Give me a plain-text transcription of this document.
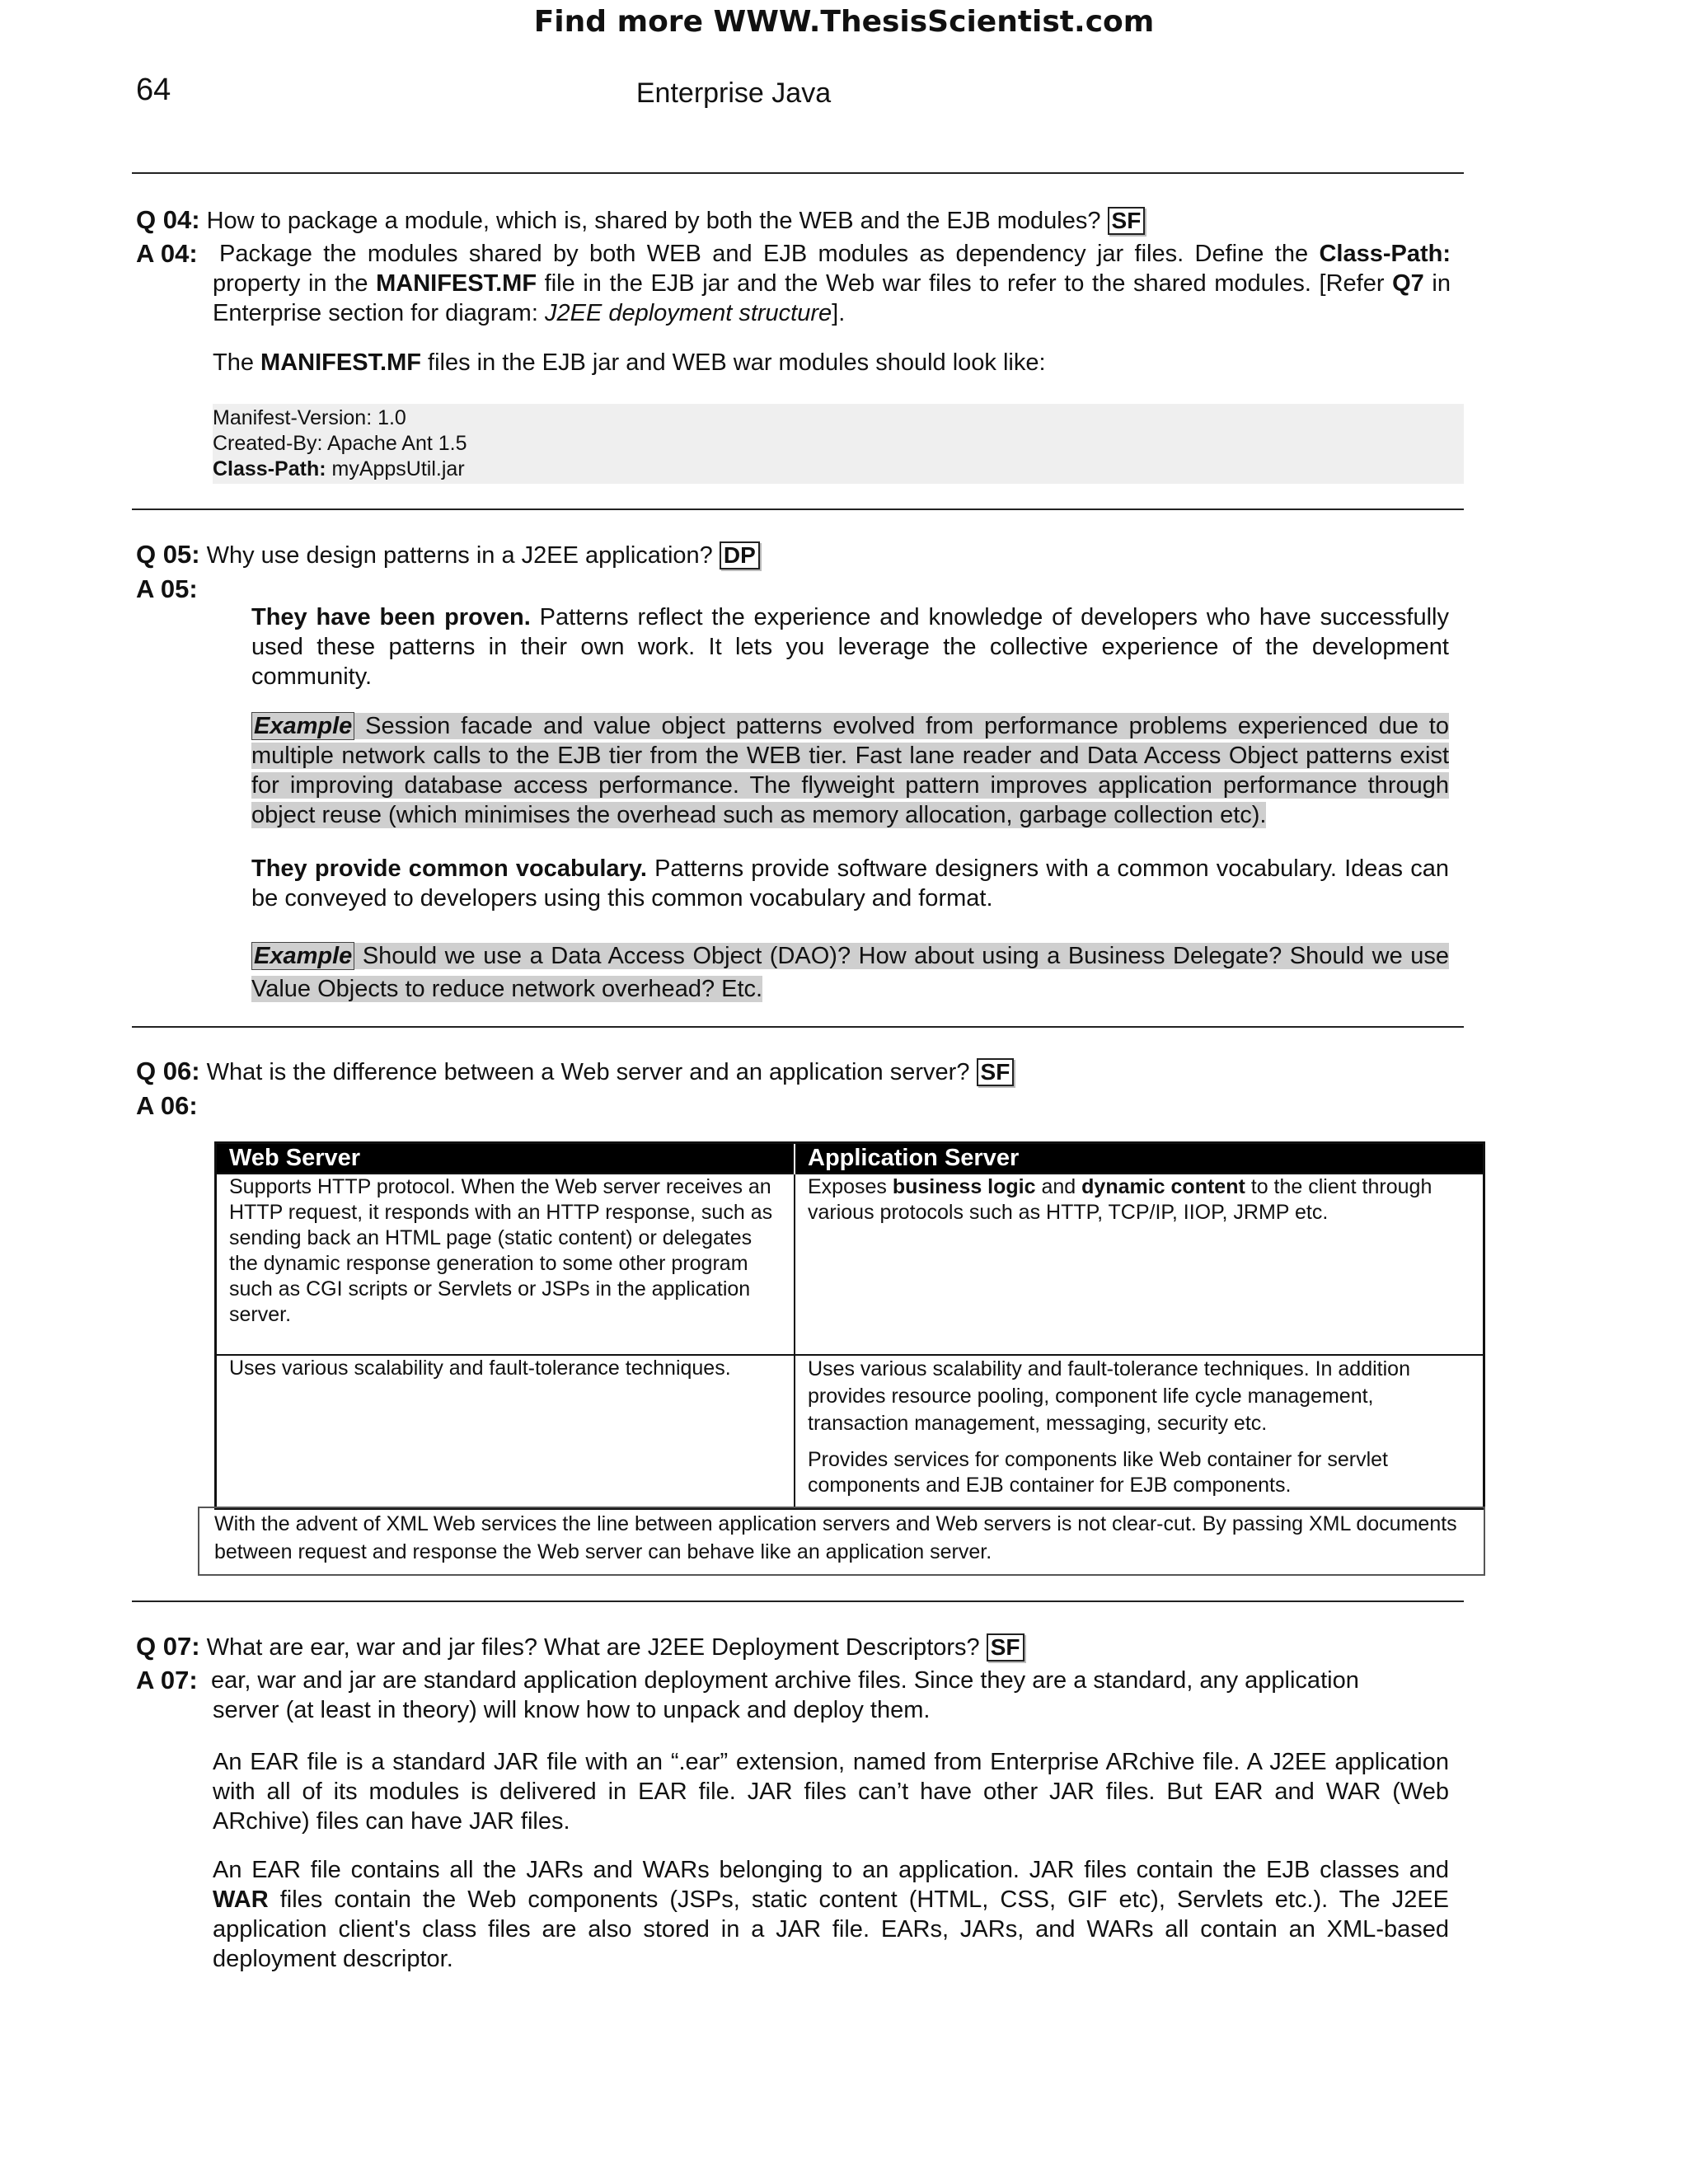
Find more WWW.ThesisScientist.com
64	Enterprise Java
Q 04: How to package a module, which is, shared by both the WEB and the EJB modules? SF
A 04: Package the modules shared by both WEB and EJB modules as dependency jar files. Define the Class-Path: property in the MANIFEST.MF file in the EJB jar and the Web war files to refer to the shared modules. [Refer Q7 in Enterprise section for diagram: J2EE deployment structure].
The MANIFEST.MF files in the EJB jar and WEB war modules should look like:
Manifest-Version: 1.0
Created-By: Apache Ant 1.5
Class-Path: myAppsUtil.jar
Q 05: Why use design patterns in a J2EE application? DP
A 05:
They have been proven. Patterns reflect the experience and knowledge of developers who have successfully used these patterns in their own work. It lets you leverage the collective experience of the development community.
Example Session facade and value object patterns evolved from performance problems experienced due to multiple network calls to the EJB tier from the WEB tier. Fast lane reader and Data Access Object patterns exist for improving database access performance. The flyweight pattern improves application performance through object reuse (which minimises the overhead such as memory allocation, garbage collection etc).
They provide common vocabulary. Patterns provide software designers with a common vocabulary. Ideas can be conveyed to developers using this common vocabulary and format.
Example Should we use a Data Access Object (DAO)? How about using a Business Delegate? Should we use Value Objects to reduce network overhead? Etc.
Q 06: What is the difference between a Web server and an application server? SF
A 06:
Web Server	Application Server
Supports HTTP protocol. When the Web server receives an HTTP request, it responds with an HTTP response, such as sending back an HTML page (static content) or delegates the dynamic response generation to some other program such as CGI scripts or Servlets or JSPs in the application server.	Exposes business logic and dynamic content to the client through various protocols such as HTTP, TCP/IP, IIOP, JRMP etc.
Uses various scalability and fault-tolerance techniques.	Uses various scalability and fault-tolerance techniques. In addition provides resource pooling, component life cycle management, transaction management, messaging, security etc.
Provides services for components like Web container for servlet components and EJB container for EJB components.
With the advent of XML Web services the line between application servers and Web servers is not clear-cut. By passing XML documents between request and response the Web server can behave like an application server.
Q 07: What are ear, war and jar files? What are J2EE Deployment Descriptors? SF
A 07: ear, war and jar are standard application deployment archive files. Since they are a standard, any application server (at least in theory) will know how to unpack and deploy them.
An EAR file is a standard JAR file with an “.ear” extension, named from Enterprise ARchive file. A J2EE application with all of its modules is delivered in EAR file. JAR files can’t have other JAR files. But EAR and WAR (Web ARchive) files can have JAR files.
An EAR file contains all the JARs and WARs belonging to an application. JAR files contain the EJB classes and WAR files contain the Web components (JSPs, static content (HTML, CSS, GIF etc), Servlets etc.). The J2EE application client's class files are also stored in a JAR file. EARs, JARs, and WARs all contain an XML-based deployment descriptor.
